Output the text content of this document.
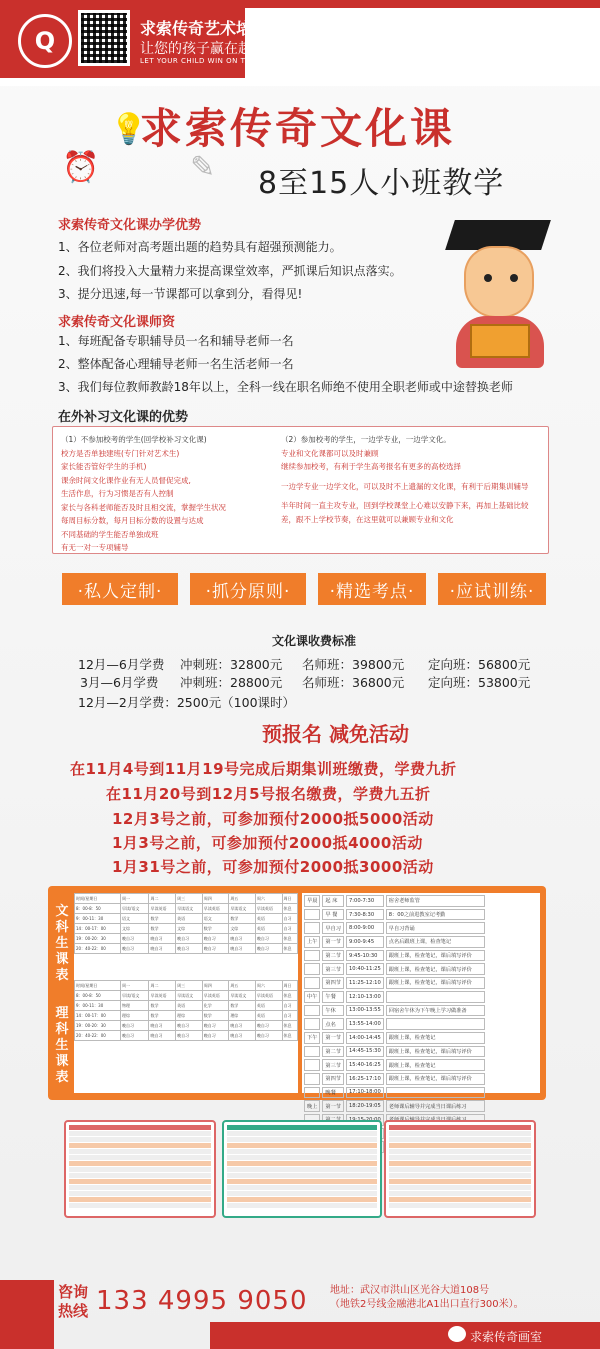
Q	求索传奇艺术培训学校
让您的孩子赢在起跑线上
LET YOUR CHILD WIN ON THE STARTING LINE
⏰
💡
✎
求索传奇文化课
8至15人小班教学
求索传奇文化课办学优势
1、各位老师对高考题出题的趋势具有超强预测能力。
2、我们将投入大量精力来提高课堂效率，严抓课后知识点落实。
3、提分迅速,每一节课都可以拿到分，看得见!
求索传奇文化课师资
1、每班配备专职辅导员一名和辅导老师一名
2、整体配备心理辅导老师一名生活老师一名
3、我们每位教师教龄18年以上，全科一线在职名师绝不使用全职老师或中途替换老师
在外补习文化课的优势
（1）不参加校考的学生(回学校补习文化课)
校方是否单独建班(专门针对艺术生)
家长能否管好学生的手机)
课余时间文化课作业有无人员督促完成,
生活作息，行为习惯是否有人控制
家长与各科老师能否及时且相交流，掌握学生状况
每周目标分数，每月目标分数的设置与达成
不同基础的学生能否单独成班
有无一对一专项辅导
（2）参加校考的学生，一边学专业，一边学文化。
专业和文化课都可以及时兼顾
继续参加校考，有利于学生高考报名有更多的高校选择
一边学专业一边学文化，可以及时不上遗漏的文化课，有利于后期集训辅导
半年时间一直主攻专业，回到学校课堂上心难以安静下来，再加上基础比较
差，跟不上学校节奏，在这里就可以兼顾专业和文化
·私人定制·	·抓分原则·	·精选考点·	·应试训练·
文化课收费标准
12月—6月学费 冲刺班：32800元 名师班：39800元 定向班：56800元
3月—6月学费 冲刺班：28800元 名师班：36800元 定向班：53800元
12月—2月学费：2500元（100课时）
预报名 减免活动
在11月4号到11月19号完成后期集训班缴费，学费九折
在11月20号到12月5号报名缴费，学费九五折
12月3号之前，可参加预付2000抵5000活动
1月3号之前，可参加预付2000抵4000活动
1月31号之前，可参加预付2000抵3000活动
文科生课表
理科生课表
时间/星期日	周一	周二	周三	周四	周五	周六	周日
8：00-8：50	早读/语文	早读英语	早读语文	早读英语	早读语文	早读英语	休息
9：00-11：30	语文	数学	英语	语文	数学	英语	自习
14：00-17：00	文综	数学	文综	数学	文综	英语	自习
19：00-20：30	晚自习	晚自习	晚自习	晚自习	晚自习	晚自习	休息
20：40-22：00	晚自习	晚自习	晚自习	晚自习	晚自习	晚自习	休息
时间/星期日	周一	周二	周三	周四	周五	周六	周日
8：00-8：50	早读/语文	早读英语	早读语文	早读英语	早读语文	早读英语	休息
9：00-11：30	物理	数学	英语	化学	数学	英语	自习
14：00-17：00	理综	数学	理综	数学	理综	英语	自习
19：00-20：30	晚自习	晚自习	晚自习	晚自习	晚自习	晚自习	休息
20：40-22：00	晚自习	晚自习	晚自习	晚自习	晚自习	晚自习	休息
早晨	起 床	7:00-7:30	宿舍老师监管
	早 餐	7:30-8:30	8：00之前进教室记考勤
	早自习	8:00-9:00	早自习背诵
上午	第一节	9:00-9:45	点名后跟班上课，检查笔记
	第二节	9:45-10:30	跟班上课，检查笔记，课后填写评价
	第三节	10:40-11:25	跟班上课，检查笔记，课后填写评价
	第四节	11:25-12:10	跟班上课，检查笔记，课后填写评价
中午	午餐	12:10-13:00	
	午休	13:00-13:55	回宿舍午休为下午晚上学习做准备
	点名	13:55-14:00	
下午	第一节	14:00-14:45	跟班上课，检查笔记
	第二节	14:45-15:30	跟班上课，检查笔记，课后填写评价
	第三节	15:40-16:25	跟班上课，检查笔记
	第四节	16:25-17:10	跟班上课，检查笔记，课后填写评价
	晚餐	17:10-18:00	
晚上	第一节	18:20-19:05	老师课后辅导并完成当日课后练习

咨询热线 133 4995 9050 地址：武汉市洪山区光谷大道108号
（地铁2号线金融港北A1出口直行300米）。
求索传奇画室
